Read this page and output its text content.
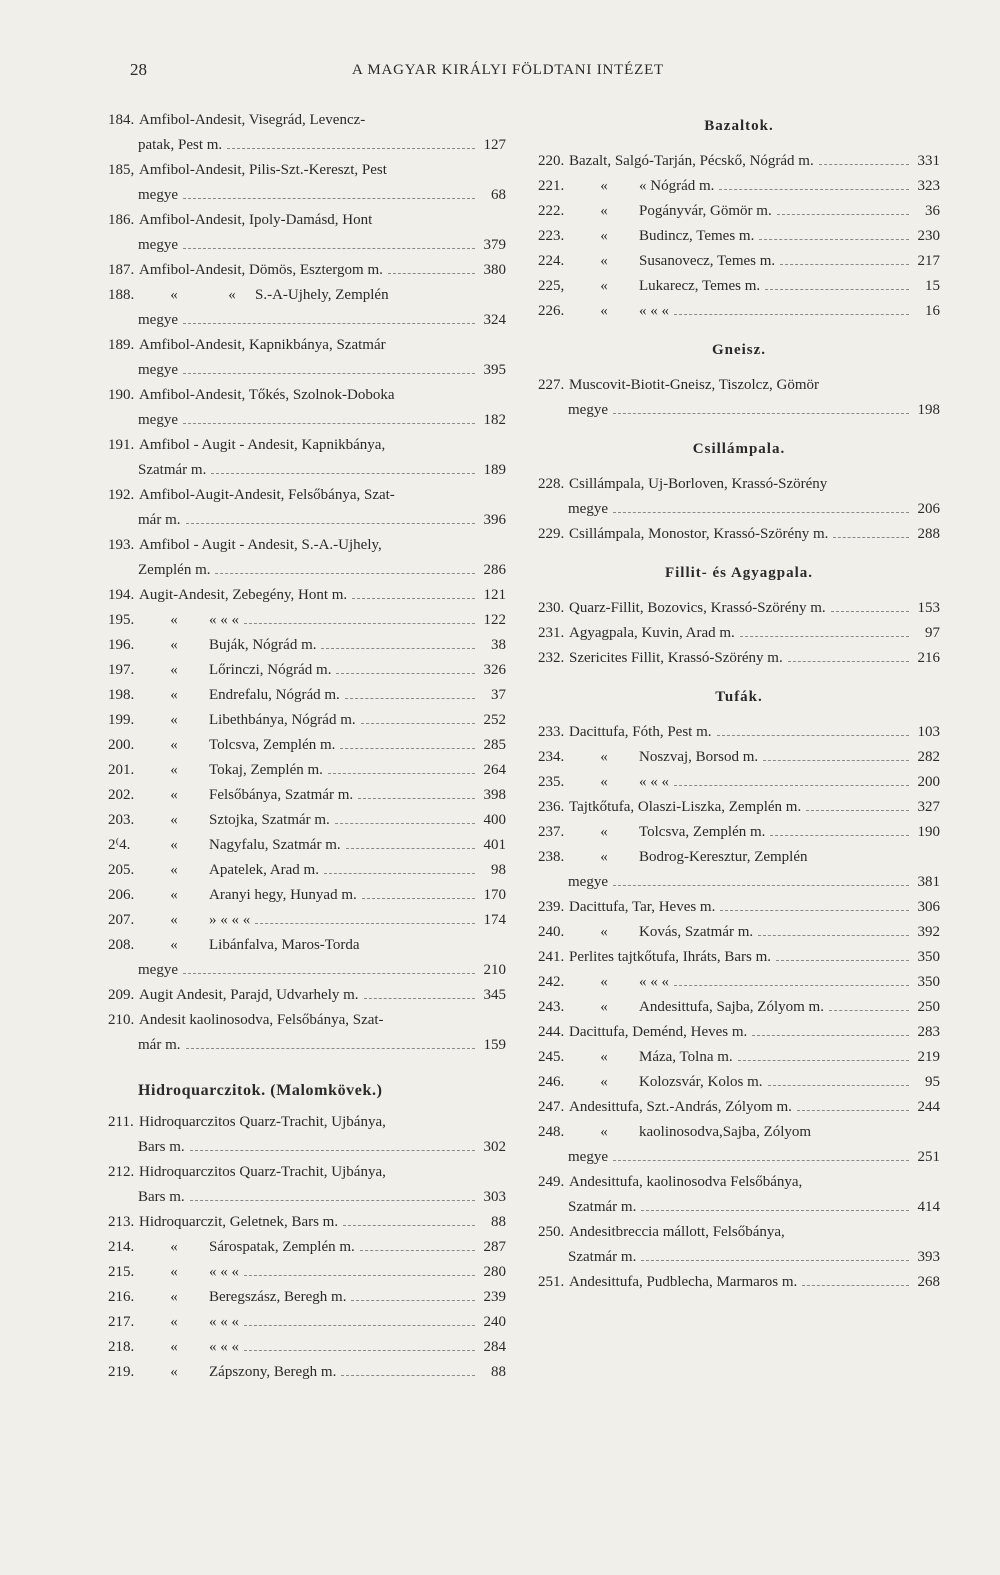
28	A MAGYAR KIRÁLYI FÖLDTANI INTÉZET
184. Amfibol-Andesit, Visegrád, Levencz-
patak, Pest m.	127
185, Amfibol-Andesit, Pilis-Szt.-Kereszt, Pest
megye	68
186. Amfibol-Andesit, Ipoly-Damásd, Hont
megye	379
187. Amfibol-Andesit, Dömös, Esztergom m.	380
188.	«	«	S.-A-Ujhely, Zemplén
megye	324
189. Amfibol-Andesit, Kapnikbánya, Szatmár
megye	395
190. Amfibol-Andesit, Tőkés, Szolnok-Doboka
megye	182
191. Amfibol - Augit - Andesit, Kapnikbánya,
Szatmár m.	189
192. Amfibol-Augit-Andesit, Felsőbánya, Szat-
már m.	396
193. Amfibol - Augit - Andesit, S.-A.-Ujhely,
Zemplén m.	286
194. Augit-Andesit, Zebegény, Hont m.	121
195.	«	« « «	122
196.	«	Buják, Nógrád m.	38
197.	«	Lőrinczi, Nógrád m.	326
198.	«	Endrefalu, Nógrád m.	37
199.	«	Libethbánya, Nógrád m.	252
200.	«	Tolcsva, Zemplén m.	285
201.	«	Tokaj, Zemplén m.	264
202.	«	Felsőbánya, Szatmár m.	398
203.	«	Sztojka, Szatmár m.	400
2⁽4.	«	Nagyfalu, Szatmár m.	401
205.	«	Apatelek, Arad m.	98
206.	«	Aranyi hegy, Hunyad m.	170
207.	«	» « « «	174
208.	«	Libánfalva, Maros-Torda
megye	210
209. Augit Andesit, Parajd, Udvarhely m.	345
210. Andesit kaolinosodva, Felsőbánya, Szat-
már m.	159
Hidroquarczitok. (Malomkövek.)
211. Hidroquarczitos Quarz-Trachit, Ujbánya,
Bars m.	302
212. Hidroquarczitos Quarz-Trachit, Ujbánya,
Bars m.	303
213. Hidroquarczit, Geletnek, Bars m.	88
214.	«	Sárospatak, Zemplén m.	287
215.	«	« « «	280
216.	«	Beregszász, Beregh m.	239
217.	«	« « «	240
218.	«	« « «	284
219.	«	Zápszony, Beregh m.	88
Bazaltok.
220. Bazalt, Salgó-Tarján, Pécskő, Nógrád m.	331
221.	«	« Nógrád m.	323
222.	«	Pogányvár, Gömör m.	36
223.	«	Budincz, Temes m.	230
224.	«	Susanovecz, Temes m.	217
225,	«	Lukarecz, Temes m.	15
226.	«	« « «	16
Gneisz.
227. Muscovit-Biotit-Gneisz, Tiszolcz, Gömör
megye	198
Csillámpala.
228. Csillámpala, Uj-Borloven, Krassó-Szörény
megye	206
229. Csillámpala, Monostor, Krassó-Szörény m.	288
Fillit- és Agyagpala.
230. Quarz-Fillit, Bozovics, Krassó-Szörény m.	153
231. Agyagpala, Kuvin, Arad m.	97
232. Szericites Fillit, Krassó-Szörény m.	216
Tufák.
233. Dacittufa, Fóth, Pest m.	103
234.	«	Noszvaj, Borsod m.	282
235.	«	« « «	200
236. Tajtkőtufa, Olaszi-Liszka, Zemplén m.	327
237.	«	Tolcsva, Zemplén m.	190
238.	«	Bodrog-Keresztur, Zemplén
megye	381
239. Dacittufa, Tar, Heves m.	306
240.	«	Kovás, Szatmár m.	392
241. Perlites tajtkőtufa, Ihráts, Bars m.	350
242.	«	« « «	350
243.	«	Andesittufa, Sajba, Zólyom m.	250
244. Dacittufa, Deménd, Heves m.	283
245.	«	Máza, Tolna m.	219
246.	«	Kolozsvár, Kolos m.	95
247. Andesittufa, Szt.-András, Zólyom m.	244
248.	«	kaolinosodva,Sajba, Zólyom
megye	251
249. Andesittufa, kaolinosodva Felsőbánya,
Szatmár m.	414
250. Andesitbreccia mállott, Felsőbánya,
Szatmár m.	393
251. Andesittufa, Pudblecha, Marmaros m.	268
